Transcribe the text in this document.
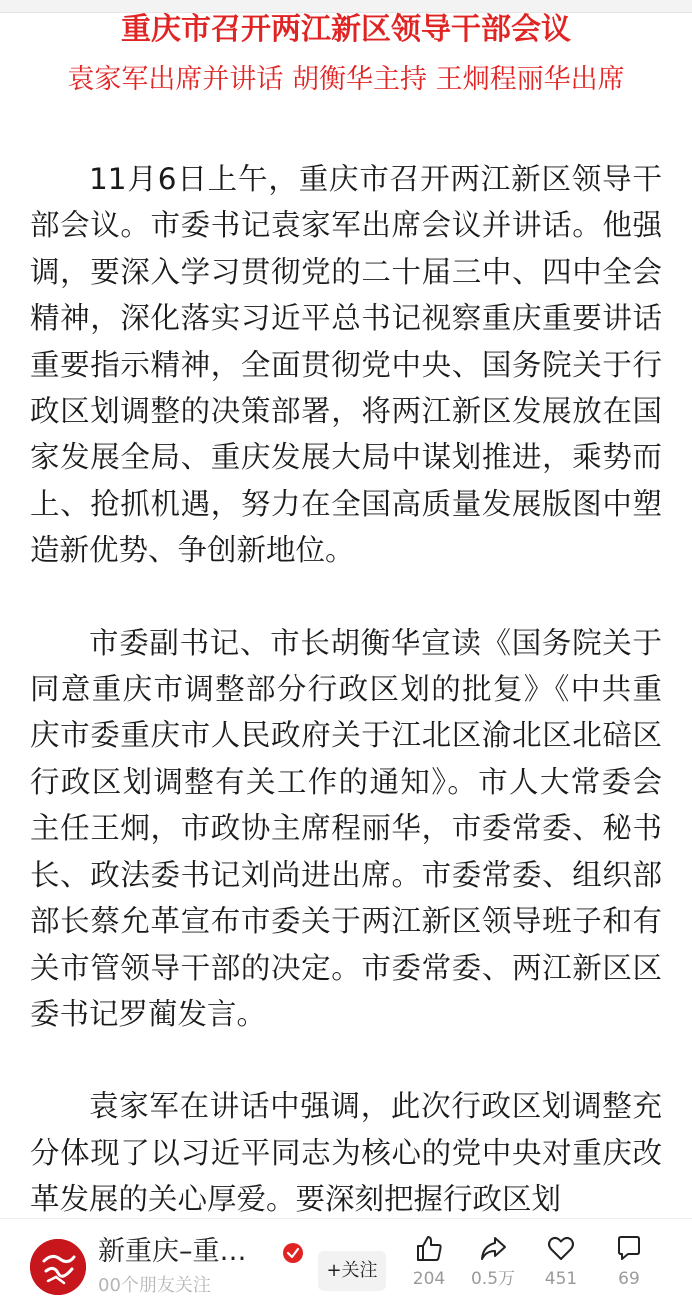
重庆市召开两江新区领导干部会议
袁家军出席并讲话 胡衡华主持 王炯程丽华出席

11月6日上午，重庆市召开两江新区领导干部会议。市委书记袁家军出席会议并讲话。他强调，要深入学习贯彻党的二十届三中、四中全会精神，深化落实习近平总书记视察重庆重要讲话重要指示精神，全面贯彻党中央、国务院关于行政区划调整的决策部署，将两江新区发展放在国家发展全局、重庆发展大局中谋划推进，乘势而上、抢抓机遇，努力在全国高质量发展版图中塑造新优势、争创新地位。

市委副书记、市长胡衡华宣读《国务院关于同意重庆市调整部分行政区划的批复》《中共重庆市委重庆市人民政府关于江北区渝北区北碚区行政区划调整有关工作的通知》。市人大常委会主任王炯，市政协主席程丽华，市委常委、秘书长、政法委书记刘尚进出席。市委常委、组织部部长蔡允革宣布市委关于两江新区领导班子和有关市管领导干部的决定。市委常委、两江新区区委书记罗蔺发言。

袁家军在讲话中强调，此次行政区划调整充分体现了以习近平同志为核心的党中央对重庆改革发展的关心厚爱。要深刻把握行政区划

新重庆–重…
00个朋友关注
+关注	204	0.5万	451	69
